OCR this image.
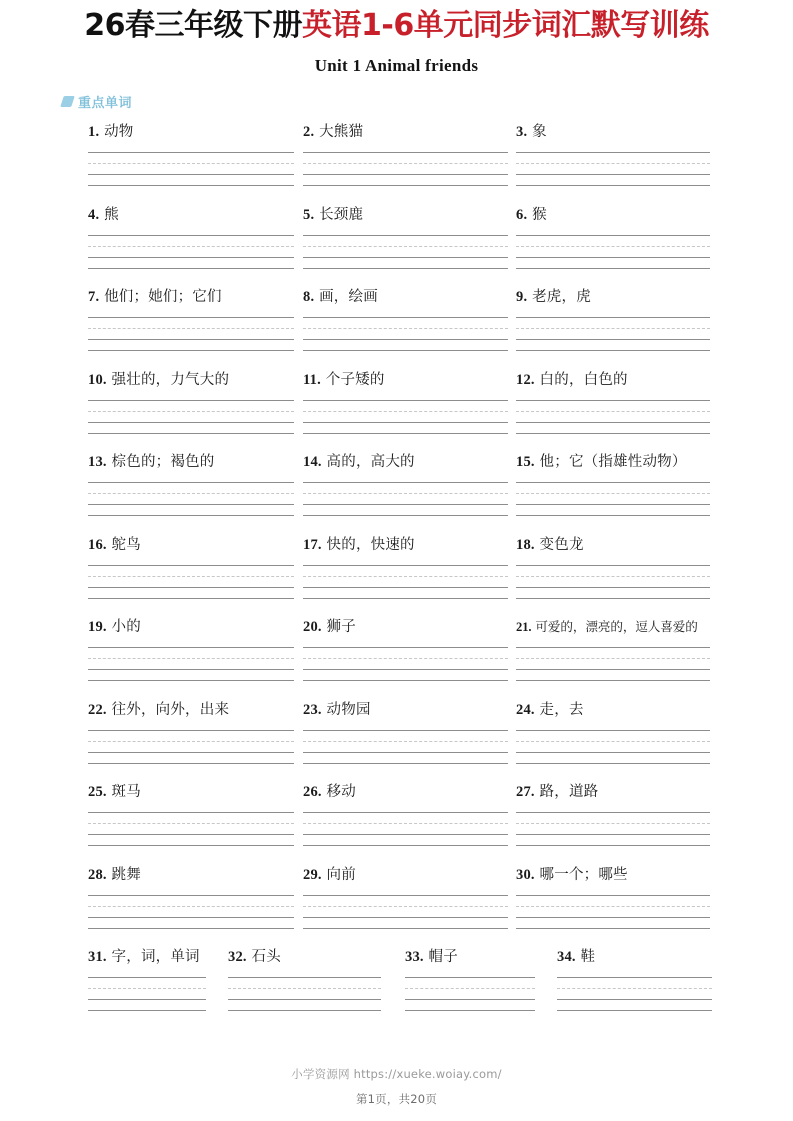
26春三年级下册英语1-6单元同步词汇默写训练
Unit 1 Animal friends
重点单词
1. 动物	2. 大熊猫	3. 象
4. 熊	5. 长颈鹿	6. 猴
7. 他们；她们；它们	8. 画，绘画	9. 老虎，虎
10. 强壮的，力气大的	11. 个子矮的	12. 白的，白色的
13. 棕色的；褐色的	14. 高的，高大的	15. 他；它（指雄性动物）
16. 鸵鸟	17. 快的，快速的	18. 变色龙
19. 小的	20. 狮子	21. 可爱的，漂亮的，逗人喜爱的
22. 往外，向外，出来	23. 动物园	24. 走，去
25. 斑马	26. 移动	27. 路，道路
28. 跳舞	29. 向前	30. 哪一个；哪些
31. 字，词，单词 32. 石头	33. 帽子	34. 鞋
小学资源网 https://xueke.woiay.com/
第1页，共20页
